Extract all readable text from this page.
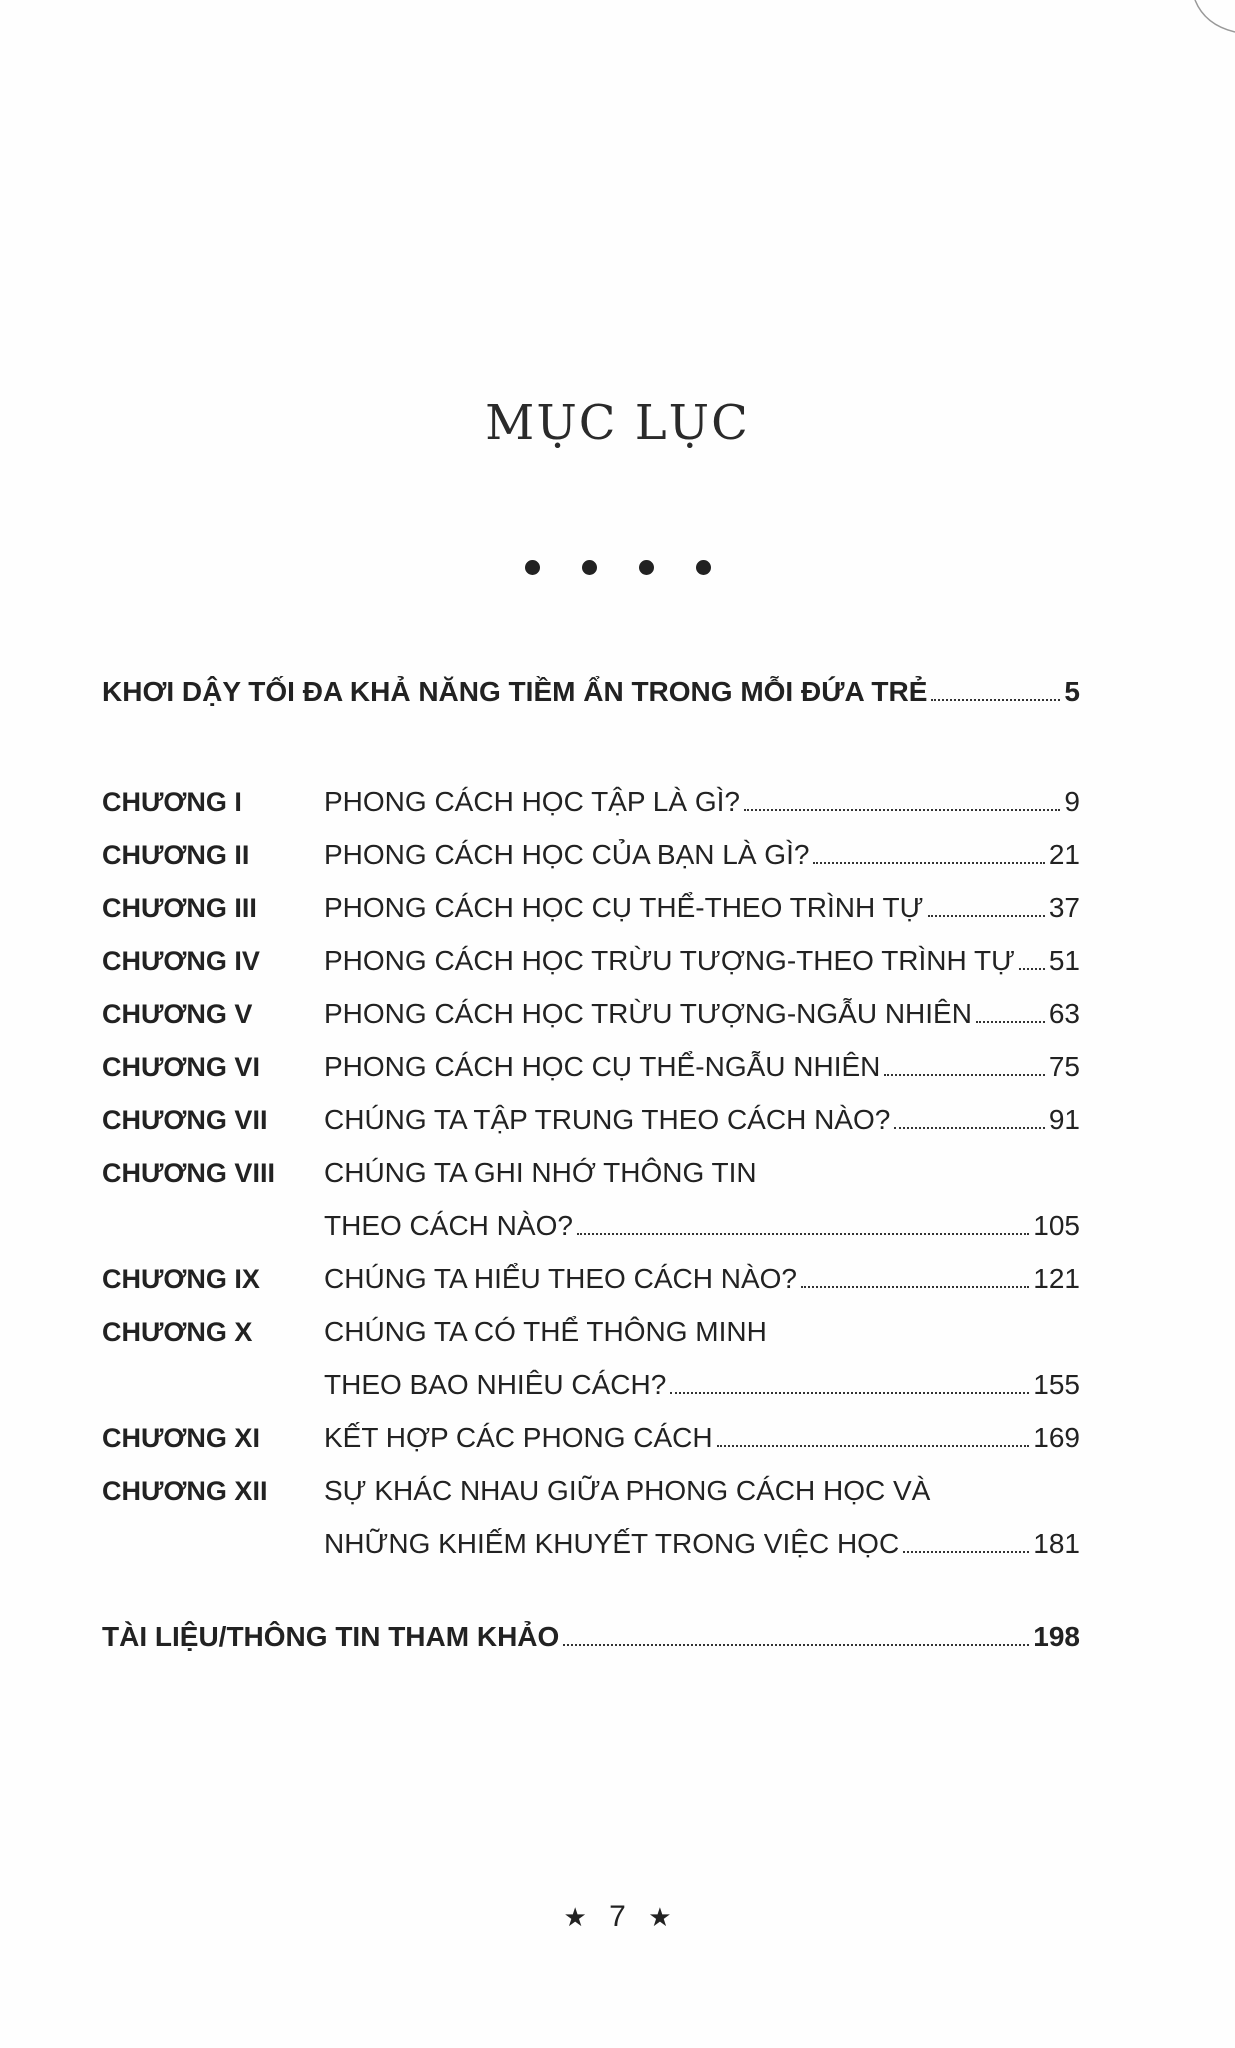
MỤC LỤC
KHƠI DẬY TỐI ĐA KHẢ NĂNG TIỀM ẨN TRONG MỖI ĐỨA TRẺ	5
CHƯƠNG I	PHONG CÁCH HỌC TẬP LÀ GÌ?	9
CHƯƠNG II	PHONG CÁCH HỌC CỦA BẠN LÀ GÌ?	21
CHƯƠNG III	PHONG CÁCH HỌC CỤ THỂ-THEO TRÌNH TỰ	37
CHƯƠNG IV	PHONG CÁCH HỌC TRỪU TƯỢNG-THEO TRÌNH TỰ 51
CHƯƠNG V	PHONG CÁCH HỌC TRỪU TƯỢNG-NGẪU NHIÊN	63
CHƯƠNG VI	PHONG CÁCH HỌC CỤ THỂ-NGẪU NHIÊN	75
CHƯƠNG VII	CHÚNG TA TẬP TRUNG THEO CÁCH NÀO?	91
CHƯƠNG VIII	CHÚNG TA GHI NHỚ THÔNG TIN
THEO CÁCH NÀO?	105
CHƯƠNG IX	CHÚNG TA HIỂU THEO CÁCH NÀO?	121
CHƯƠNG X	CHÚNG TA CÓ THỂ THÔNG MINH
THEO BAO NHIÊU CÁCH?	155
CHƯƠNG XI	KẾT HỢP CÁC PHONG CÁCH	169
CHƯƠNG XII	SỰ KHÁC NHAU GIỮA PHONG CÁCH HỌC VÀ
NHỮNG KHIẾM KHUYẾT TRONG VIỆC HỌC	181
TÀI LIỆU/THÔNG TIN THAM KHẢO	198
★ 7 ★
